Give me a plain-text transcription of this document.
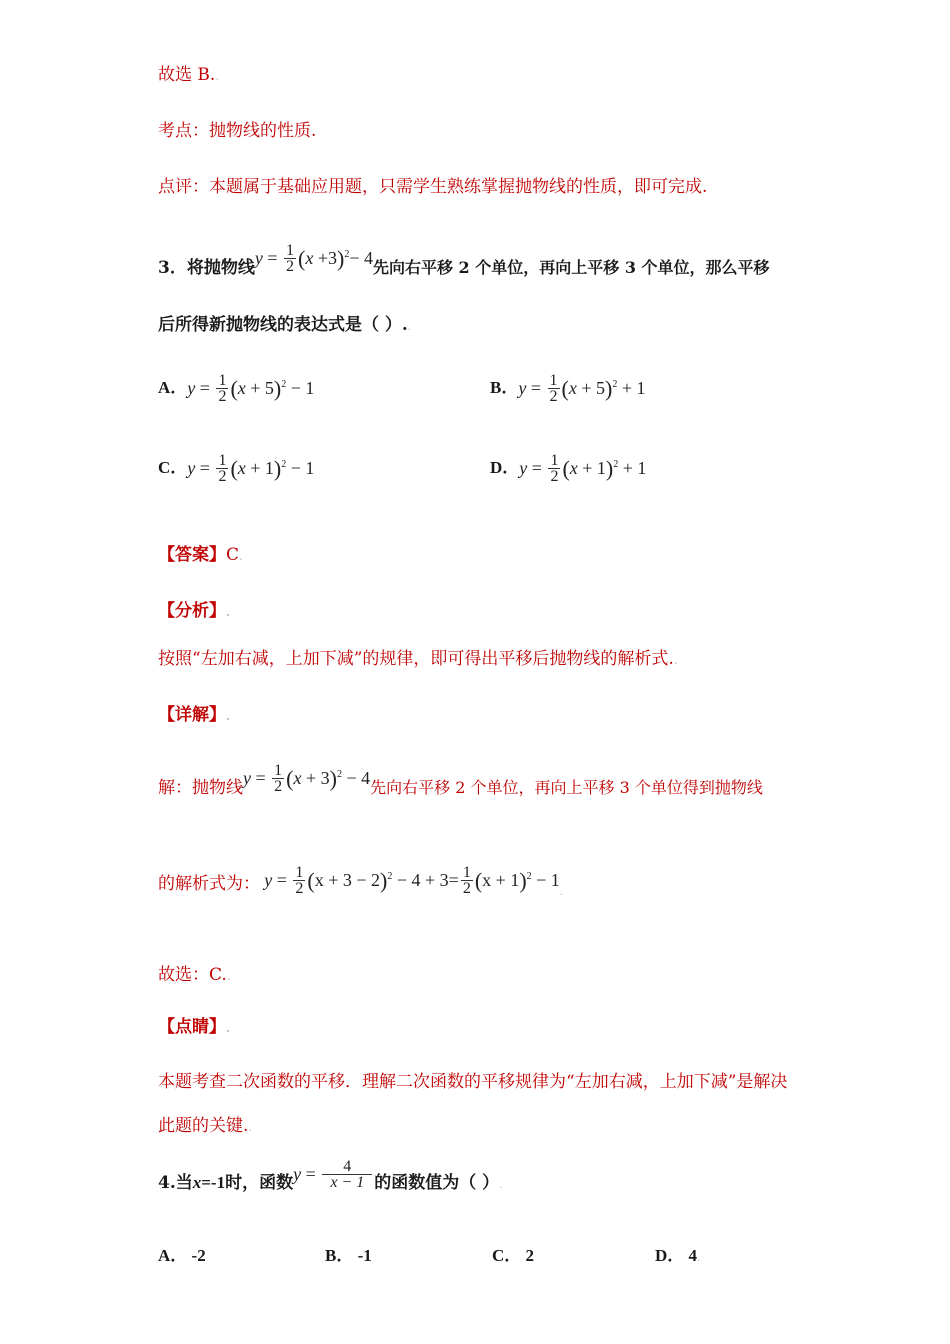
故选 B..
考点：抛物线的性质.
点评：本题属于基础应用题，只需学生熟练掌握抛物线的性质，即可完成.
3．将抛物线$y = \frac{1}{2} (x +3)^2- 4$先向右平移 2 个单位，再向上平移 3 个单位，那么平移
后所得新抛物线的表达式是（ ）..
A．$y = \frac{1}{2} (x + 5)^2 - 1$	B．$y = \frac{1}{2} (x + 5)^2 + 1$
C．$y = \frac{1}{2} (x + 1)^2 - 1$	D．$y = \frac{1}{2} (x + 1)^2 + 1$
【答案】C.
【分析】.
按照“左加右减，上加下减”的规律，即可得出平移后抛物线的解析式..
【详解】.
解：抛物线$y = \frac{1}{2} (x + 3)^2 - 4$先向右平移 2 个单位，再向上平移 3 个单位得到抛物线
的解析式为： $y = \frac{1}{2} (x + 3 - 2)^2 - 4 + 3= \frac{1}{2} (x + 1)^2 - 1_.$
故选：C..
【点睛】.
本题考查二次函数的平移．理解二次函数的平移规律为“左加右减，上加下减”是解决此题的关键..
4.当x=-1时，函数$y = \frac{4}{x - 1}$ 的函数值为（ ）.
A． -2	B． -1	C． 2	D． 4.
